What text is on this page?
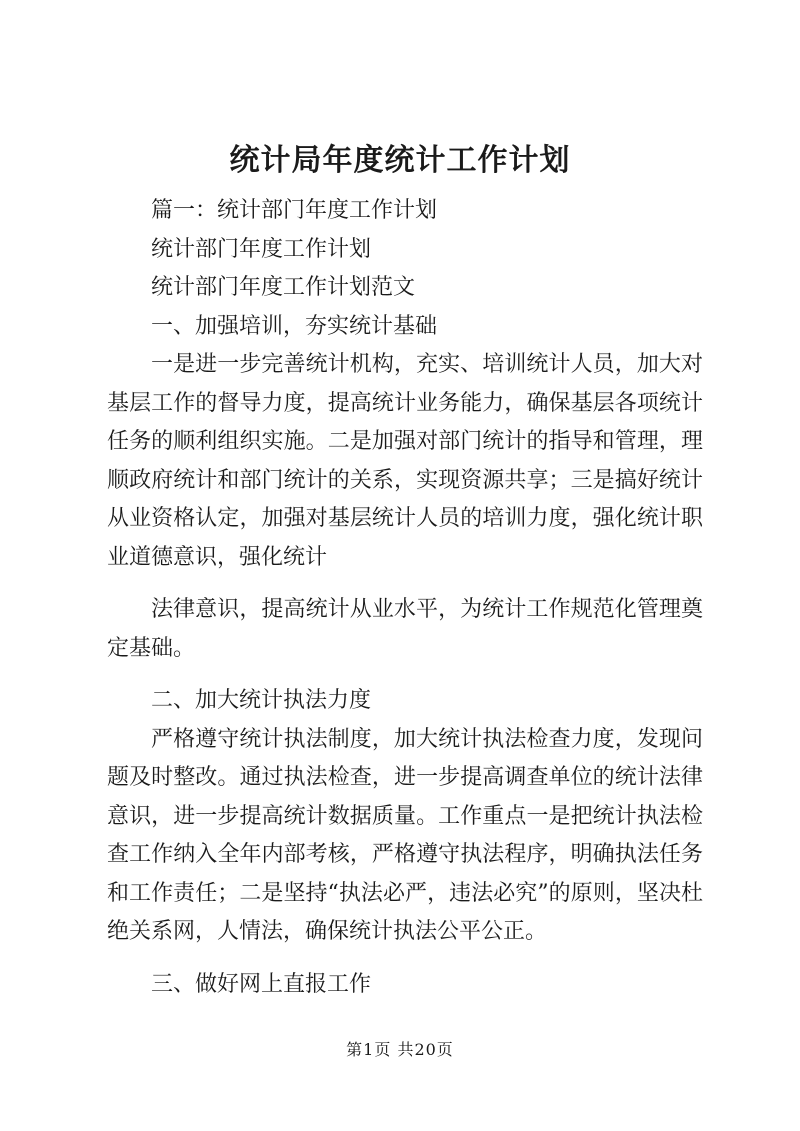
统计局年度统计工作计划

篇一：统计部门年度工作计划

统计部门年度工作计划

统计部门年度工作计划范文

一、加强培训，夯实统计基础

一是进一步完善统计机构，充实、培训统计人员，加大对基层工作的督导力度，提高统计业务能力，确保基层各项统计任务的顺利组织实施。二是加强对部门统计的指导和管理，理顺政府统计和部门统计的关系，实现资源共享；三是搞好统计从业资格认定，加强对基层统计人员的培训力度，强化统计职业道德意识，强化统计

法律意识，提高统计从业水平，为统计工作规范化管理奠定基础。

二、加大统计执法力度

严格遵守统计执法制度，加大统计执法检查力度，发现问题及时整改。通过执法检查，进一步提高调查单位的统计法律意识，进一步提高统计数据质量。工作重点一是把统计执法检查工作纳入全年内部考核，严格遵守执法程序，明确执法任务和工作责任；二是坚持“执法必严，违法必究”的原则，坚决杜绝关系网，人情法，确保统计执法公平公正。

三、做好网上直报工作

第1页 共20页
